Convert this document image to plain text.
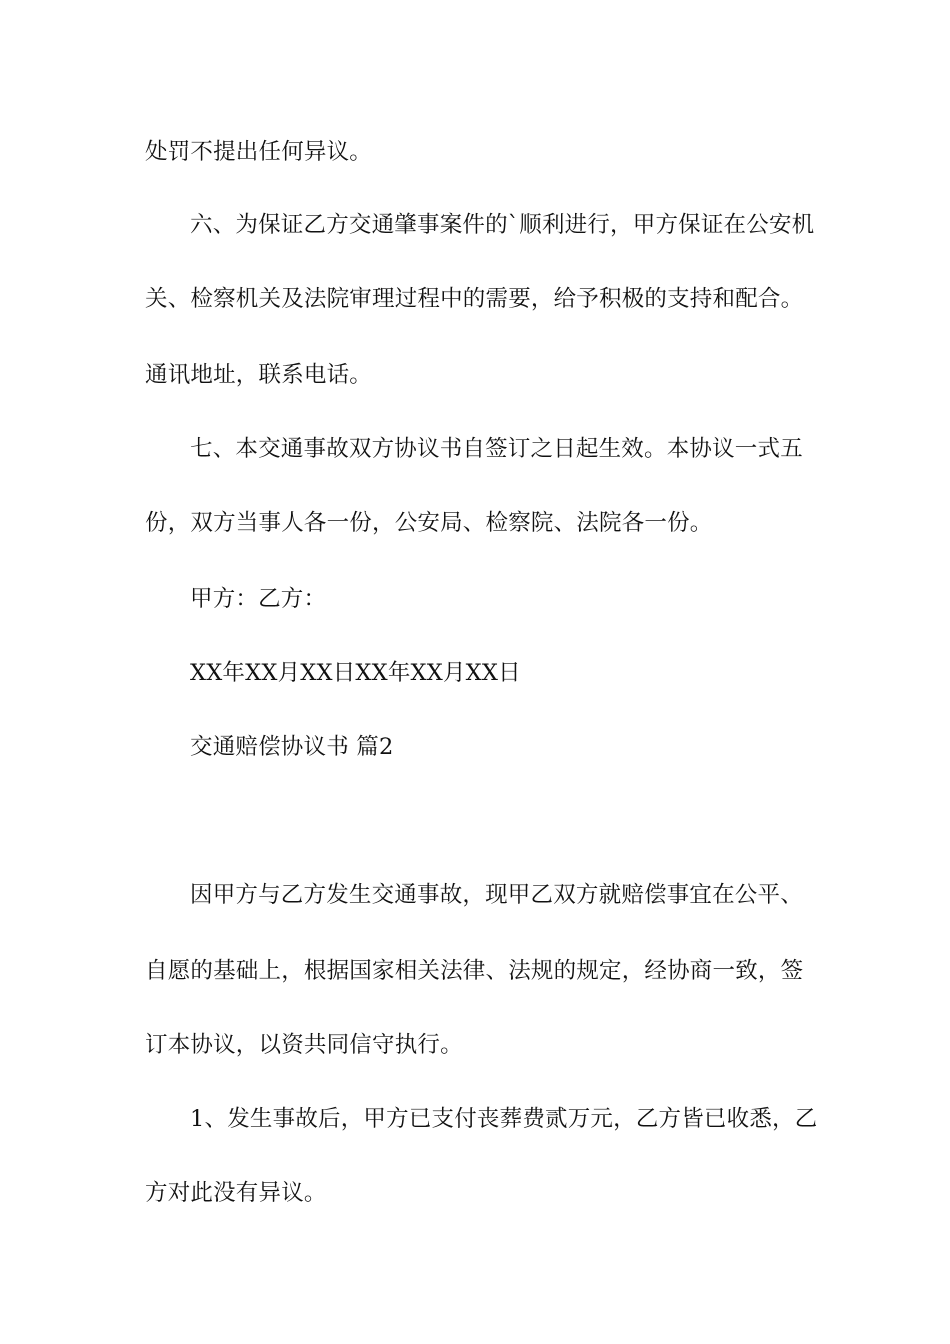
处罚不提出任何异议。
六、为保证乙方交通肇事案件的`顺利进行，甲方保证在公安机
关、检察机关及法院审理过程中的需要，给予积极的支持和配合。
通讯地址，联系电话。
七、本交通事故双方协议书自签订之日起生效。本协议一式五
份，双方当事人各一份，公安局、检察院、法院各一份。
甲方：乙方：
XX年XX月XX日XX年XX月XX日
交通赔偿协议书 篇2
因甲方与乙方发生交通事故，现甲乙双方就赔偿事宜在公平、
自愿的基础上，根据国家相关法律、法规的规定，经协商一致，签
订本协议，以资共同信守执行。
1、发生事故后，甲方已支付丧葬费贰万元，乙方皆已收悉，乙
方对此没有异议。
